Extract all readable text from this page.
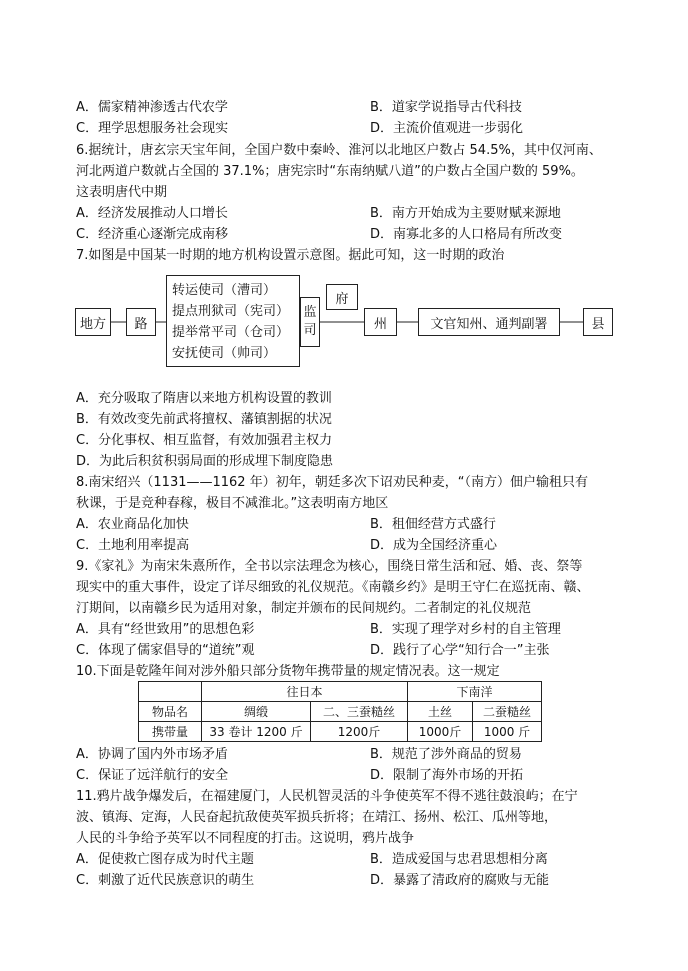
A．儒家精神渗透古代农学	B．道家学说指导古代科技
C．理学思想服务社会现实	D．主流价值观进一步弱化
6.据统计，唐玄宗天宝年间，全国户数中秦岭、淮河以北地区户数占 54.5%，其中仅河南、
河北两道户数就占全国的 37.1%；唐宪宗时“东南纳赋八道”的户数占全国户数的 59%。
这表明唐代中期
A．经济发展推动人口增长	B．南方开始成为主要财赋来源地
C．经济重心逐渐完成南移	D．南寡北多的人口格局有所改变
7.如图是中国某一时期的地方机构设置示意图。据此可知，这一时期的政治
地方	路
转运使司（漕司）
提点刑狱司（宪司）
提举常平司（仓司）
安抚使司（帅司）
监
司
府
州	文官知州、通判副署	县
A．充分吸取了隋唐以来地方机构设置的教训
B．有效改变先前武将擅权、藩镇割据的状况
C．分化事权、相互监督，有效加强君主权力
D．为此后积贫积弱局面的形成埋下制度隐患
8.南宋绍兴（1131——1162 年）初年，朝廷多次下诏劝民种麦，“（南方）佃户输租只有
秋课，于是竞种春稼，极目不减淮北。”这表明南方地区
A．农业商品化加快	B．租佃经营方式盛行
C．土地利用率提高	D．成为全国经济重心
9.《家礼》为南宋朱熹所作，全书以宗法理念为核心，围绕日常生活和冠、婚、丧、祭等
现实中的重大事件，设定了详尽细致的礼仪规范。《南赣乡约》是明王守仁在巡抚南、赣、
汀期间，以南赣乡民为适用对象，制定并颁布的民间规约。二者制定的礼仪规范
A．具有“经世致用”的思想色彩	B．实现了理学对乡村的自主管理
C．体现了儒家倡导的“道统”观	D．践行了心学“知行合一”主张
10.下面是乾隆年间对涉外船只部分货物年携带量的规定情况表。这一规定
	往日本		下南洋	
物品名	绸缎	二、三蚕糙丝	土丝	二蚕糙丝
携带量	33 卷计 1200 斤	1200斤	1000斤	1000 斤
A．协调了国内外市场矛盾	B．规范了涉外商品的贸易
C．保证了远洋航行的安全	D．限制了海外市场的开拓
11.鸦片战争爆发后，在福建厦门，人民机智灵活的斗争使英军不得不逃往鼓浪屿；在宁
波、镇海、定海，人民奋起抗敌使英军损兵折将；在靖江、扬州、松江、瓜州等地，
人民的斗争给予英军以不同程度的打击。这说明，鸦片战争
A．促使救亡图存成为时代主题	B．造成爱国与忠君思想相分离
C．刺激了近代民族意识的萌生	D．暴露了清政府的腐败与无能
